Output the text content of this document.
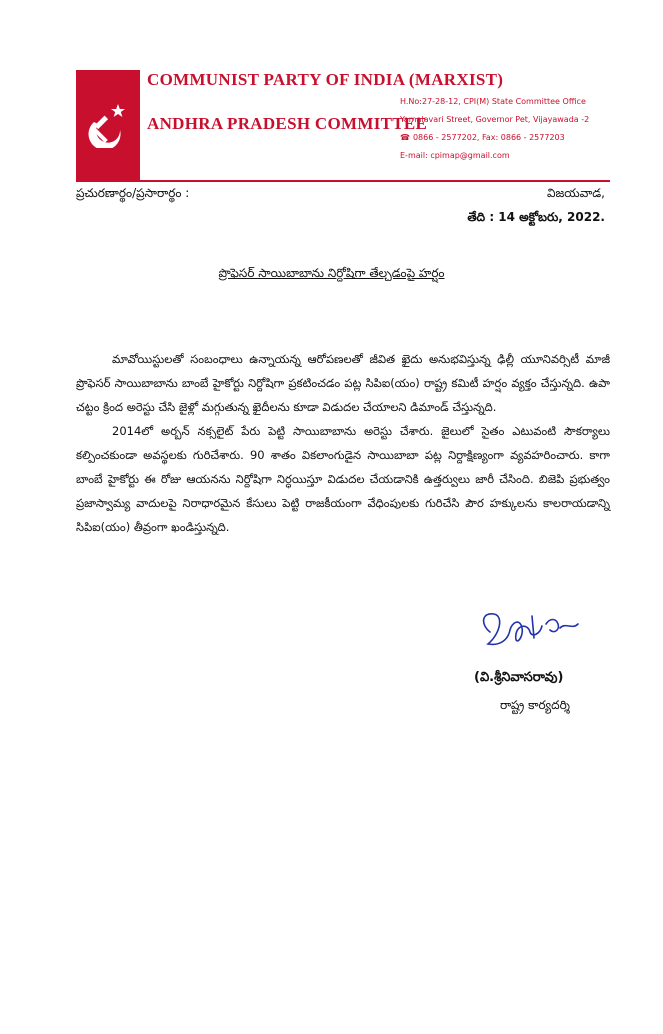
COMMUNIST PARTY OF INDIA (MARXIST)
ANDHRA PRADESH COMMITTEE
H.No:27-28-12, CPI(M) State Committee Office
Yamalavari Street, Governor Pet, Vijayawada -2
☎ 0866 - 2577202, Fax: 0866 - 2577203
E-mail: cpimap@gmail.com
ప్రచురణార్థం/ప్రసారార్థం :	విజయవాడ,
తేది : 14 అక్టోబరు, 2022.
ప్రొఫెసర్ సాయిబాబాను నిర్దోషిగా తేల్చడంపై హర్షం

మావోయిస్టులతో సంబంధాలు ఉన్నాయన్న ఆరోపణలతో జీవిత ఖైదు అనుభవిస్తున్న ఢిల్లీ యూనివర్సిటీ మాజీ ప్రొఫెసర్ సాయిబాబాను బాంబే హైకోర్టు నిర్దోషిగా ప్రకటించడం పట్ల సిపిఐ(యం) రాష్ట్ర కమిటీ హర్షం వ్యక్తం చేస్తున్నది. ఉపా చట్టం క్రింద అరెస్టు చేసి జైళ్లో మగ్గుతున్న ఖైదీలను కూడా విడుదల చేయాలని డిమాండ్ చేస్తున్నది.

2014లో అర్బన్ నక్సలైట్ పేరు పెట్టి సాయిబాబాను అరెస్టు చేశారు. జైలులో సైతం ఎటువంటి సౌకర్యాలు కల్పించకుండా అవస్థలకు గురిచేశారు. 90 శాతం వికలాంగుడైన సాయిబాబా పట్ల నిర్దాక్షిణ్యంగా వ్యవహరించారు. కాగా బాంబే హైకోర్టు ఈ రోజు ఆయనను నిర్దోషిగా నిర్ధయిస్తూ విడుదల చేయడానికి ఉత్తర్వులు జారీ చేసింది. బిజెపి ప్రభుత్వం ప్రజాస్వామ్య వాదులపై నిరాధారమైన కేసులు పెట్టి రాజకీయంగా వేధింపులకు గురిచేసి పౌర హక్కులను కాలరాయడాన్ని సిపిఐ(యం) తీవ్రంగా ఖండిస్తున్నది.

(వి.శ్రీనివాసరావు)
రాష్ట్ర కార్యదర్శి
